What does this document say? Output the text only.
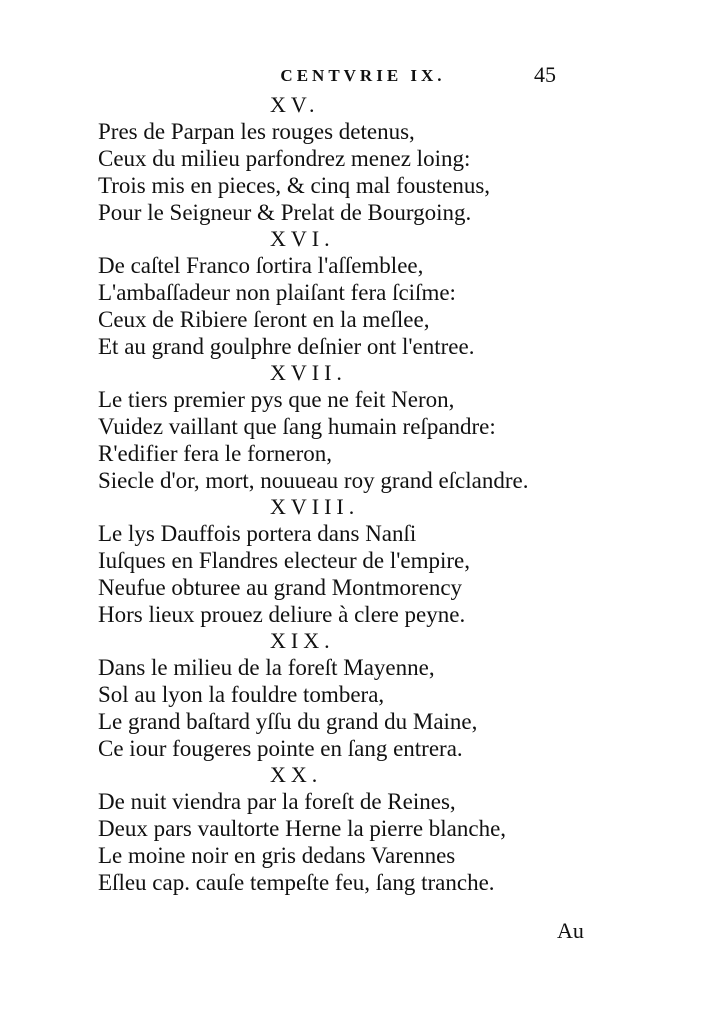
CENTVRIE IX.	45
XV.
Pres de Parpan les rouges detenus,
Ceux du milieu parfondrez menez loing:
Trois mis en pieces, & cinq mal foustenus,
Pour le Seigneur & Prelat de Bourgoing.
XVI.
De caſtel Franco ſortira l'aſſemblee,
L'ambaſſadeur non plaiſant fera ſciſme:
Ceux de Ribiere ſeront en la meſlee,
Et au grand goulphre deſnier ont l'entree.
XVII.
Le tiers premier pys que ne feit Neron,
Vuidez vaillant que ſang humain reſpandre:
R'edifier fera le forneron,
Siecle d'or, mort, nouueau roy grand eſclandre.
XVIII.
Le lys Dauffois portera dans Nanſi
Iuſques en Flandres electeur de l'empire,
Neufue obturee au grand Montmorency
Hors lieux prouez deliure à clere peyne.
XIX.
Dans le milieu de la foreſt Mayenne,
Sol au lyon la fouldre tombera,
Le grand baſtard yſſu du grand du Maine,
Ce iour fougeres pointe en ſang entrera.
XX.
De nuit viendra par la foreſt de Reines,
Deux pars vaultorte Herne la pierre blanche,
Le moine noir en gris dedans Varennes
Eſleu cap. cauſe tempeſte feu, ſang tranche.
Au
